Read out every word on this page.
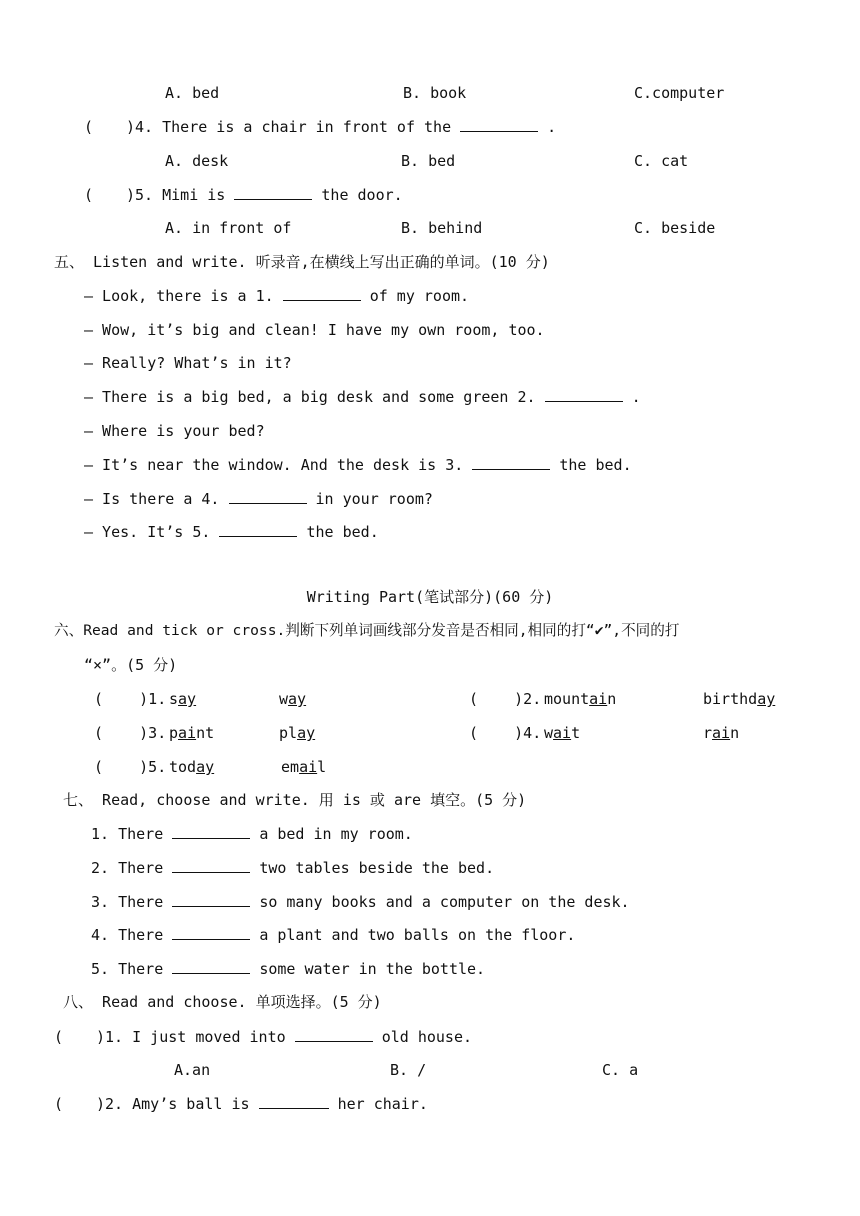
A. bed	B. book	C.computer
( )4. There is a chair in front of the	.
A. desk	B. bed	C. cat
( )5. Mimi is	the door.
A. in front of	B. behind	C. beside
五、 Listen and write. 听录音,在横线上写出正确的单词。(10 分)
— Look, there is a 1.	of my room.
— Wow, it’s big and clean! I have my own room, too.
— Really? What’s in it?
— There is a big bed, a big desk and some green 2.	.
— Where is your bed?
— It’s near the window. And the desk is 3.	the bed.
— Is there a 4.	in your room?
— Yes. It’s 5.	the bed.
Writing Part(笔试部分)(60 分)
六、Read and tick or cross.判断下列单词画线部分发音是否相同,相同的打“✔”,不同的打
“×”。(5 分)
( )1. say	way	( )2. mountain	birthday
( )3. paint	play	( )4. wait	rain
( )5. today	email
七、 Read, choose and write. 用 is 或 are 填空。(5 分)
1. There	a bed in my room.
2. There	two tables beside the bed.
3. There	so many books and a computer on the desk.
4. There	a plant and two balls on the floor.
5. There	some water in the bottle.
八、 Read and choose. 单项选择。(5 分)
( )1. I just moved into	old house.
A.an	B. /	C. a
( )2. Amy’s ball is	her chair.
